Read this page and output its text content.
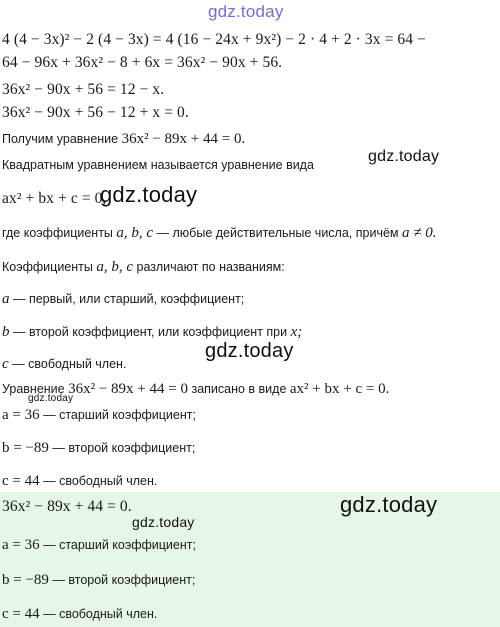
4 (4 − 3x)² − 2 (4 − 3x) = 4 (16 − 24x + 9x²) − 2 · 4 + 2 · 3x = 64 −
64 − 96x + 36x² − 8 + 6x = 36x² − 90x + 56.
36x² − 90x + 56 = 12 − x.
36x² − 90x + 56 − 12 + x = 0.
Получим уравнение 36x² − 89x + 44 = 0.
Квадратным уравнением называется уравнение вида
ax² + bx + c = 0,
где коэффициенты a, b, c — любые действительные числа, причём a ≠ 0.
Коэффициенты a, b, c различают по названиям:
a — первый, или старший, коэффициент;
b — второй коэффициент, или коэффициент при x;
c — свободный член.
Уравнение 36x² − 89x + 44 = 0 записано в виде ax² + bx + c = 0.
a = 36 — старший коэффициент;
b = −89 — второй коэффициент;
c = 44 — свободный член.
36x² − 89x + 44 = 0.
a = 36 — старший коэффициент;
b = −89 — второй коэффициент;
c = 44 — свободный член.
gdz.today
gdz.today
gdz.today
gdz.today
gdz.today
gdz.today
gdz.today
